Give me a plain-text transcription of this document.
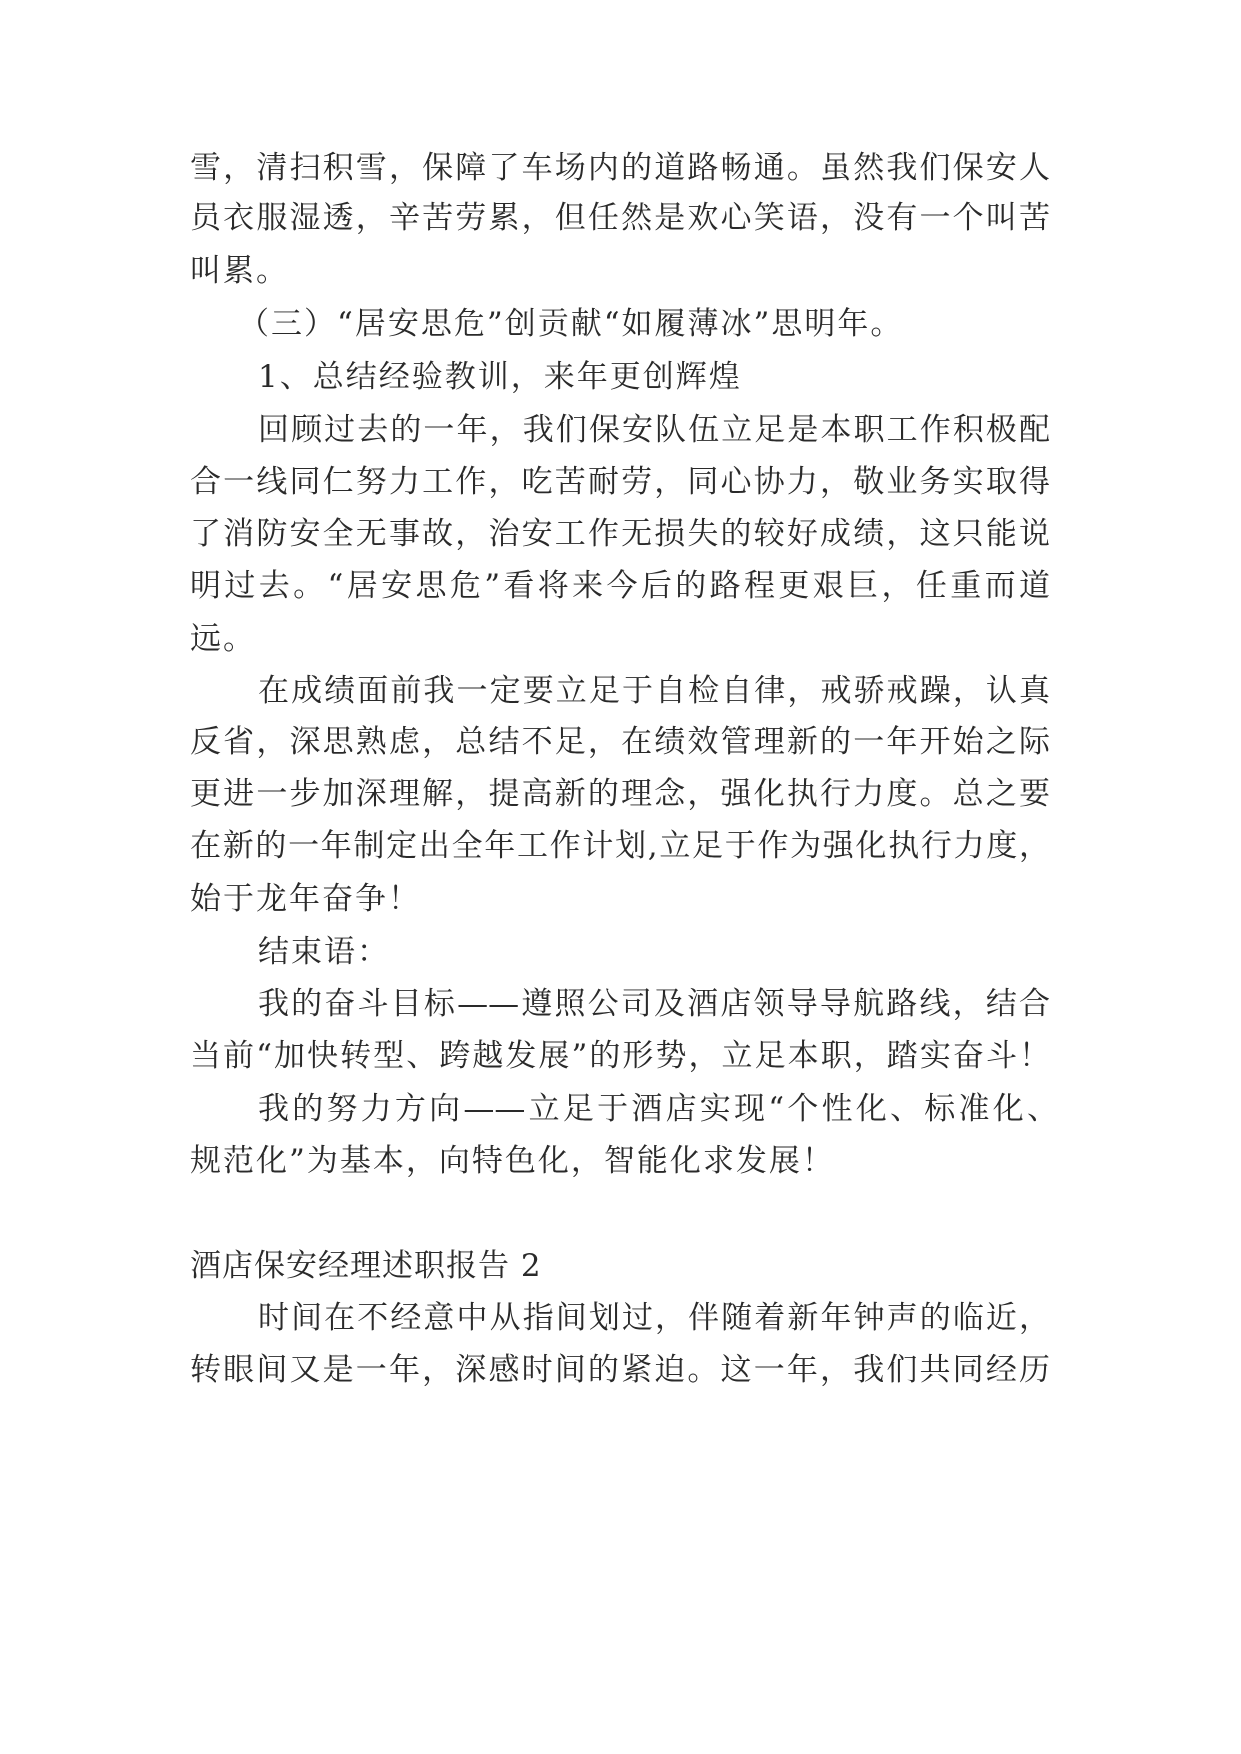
雪，清扫积雪，保障了车场内的道路畅通。虽然我们保安人

员衣服湿透，辛苦劳累，但任然是欢心笑语，没有一个叫苦

叫累。

（三）“居安思危”创贡献“如履薄冰”思明年。

1、总结经验教训，来年更创辉煌

回顾过去的一年，我们保安队伍立足是本职工作积极配

合一线同仁努力工作，吃苦耐劳，同心协力，敬业务实取得

了消防安全无事故，治安工作无损失的较好成绩，这只能说

明过去。“居安思危”看将来今后的路程更艰巨，任重而道

远。

在成绩面前我一定要立足于自检自律，戒骄戒躁，认真

反省，深思熟虑，总结不足，在绩效管理新的一年开始之际

更进一步加深理解，提高新的理念，强化执行力度。总之要

在新的一年制定出全年工作计划,立足于作为强化执行力度，

始于龙年奋争！

结束语：

我的奋斗目标——遵照公司及酒店领导导航路线，结合

当前“加快转型、跨越发展”的形势，立足本职，踏实奋斗！

我的努力方向——立足于酒店实现“个性化、标准化、

规范化”为基本，向特色化，智能化求发展！

酒店保安经理述职报告 2

时间在不经意中从指间划过，伴随着新年钟声的临近，

转眼间又是一年，深感时间的紧迫。这一年，我们共同经历
